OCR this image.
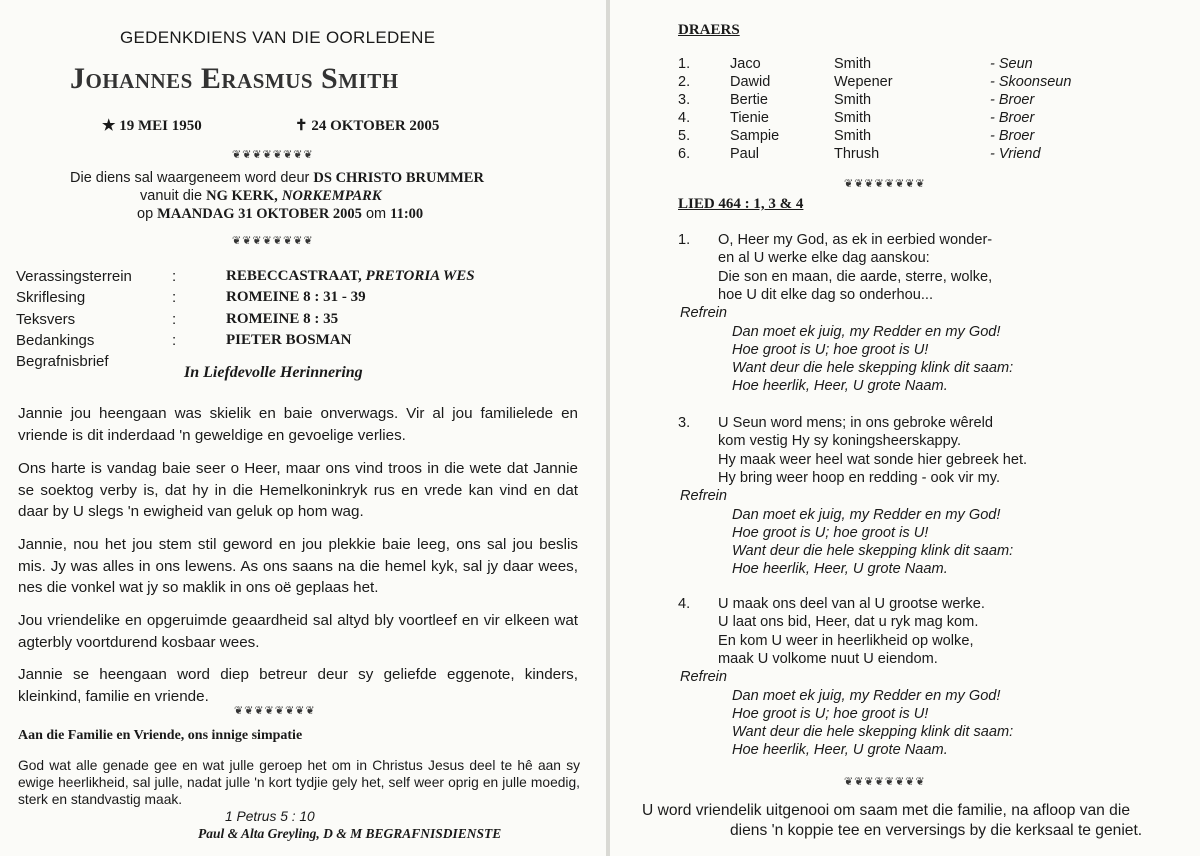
GEDENKDIENS VAN DIE OORLEDENE
Johannes Erasmus Smith
★ 19 MEI 1950	✝ 24 OKTOBER 2005
❦❦❦❦❦❦❦❦
Die diens sal waargeneem word deur DS CHRISTO BRUMMER
vanuit die NG KERK, NORKEMPARK
op MAANDAG 31 OKTOBER 2005 om 11:00
❦❦❦❦❦❦❦❦
Verassingsterrein	:	REBECCASTRAAT, PRETORIA WES
Skriflesing	:	ROMEINE 8 : 31 - 39
Teksvers	:	ROMEINE 8 : 35
Bedankings	:	PIETER BOSMAN
Begrafnisbrief
In Liefdevolle Herinnering
Jannie jou heengaan was skielik en baie onverwags. Vir al jou familielede en vriende is dit inderdaad 'n geweldige en gevoelige verlies.
Ons harte is vandag baie seer o Heer, maar ons vind troos in die wete dat Jannie se soektog verby is, dat hy in die Hemelkoninkryk rus en vrede kan vind en dat daar by U slegs 'n ewigheid van geluk op hom wag.
Jannie, nou het jou stem stil geword en jou plekkie baie leeg, ons sal jou beslis mis. Jy was alles in ons lewens. As ons saans na die hemel kyk, sal jy daar wees, nes die vonkel wat jy so maklik in ons oë geplaas het.
Jou vriendelike en opgeruimde geaardheid sal altyd bly voortleef en vir elkeen wat agterbly voortdurend kosbaar wees.
Jannie se heengaan word diep betreur deur sy geliefde eggenote, kinders, kleinkind, familie en vriende.
❦❦❦❦❦❦❦❦
Aan die Familie en Vriende, ons innige simpatie
God wat alle genade gee en wat julle geroep het om in Christus Jesus deel te hê aan sy ewige heerlikheid, sal julle, nadat julle 'n kort tydjie gely het, self weer oprig en julle moedig, sterk en standvastig maak.
1 Petrus 5 : 10
Paul & Alta Greyling, D & M BEGRAFNISDIENSTE
DRAERS
1.	Jaco	Smith	- Seun
2.	Dawid	Wepener	- Skoonseun
3.	Bertie	Smith	- Broer
4.	Tienie	Smith	- Broer
5.	Sampie	Smith	- Broer
6.	Paul	Thrush	- Vriend
❦❦❦❦❦❦❦❦
LIED 464 : 1, 3 & 4
1. O, Heer my God, as ek in eerbied wonder-
en al U werke elke dag aanskou:
Die son en maan, die aarde, sterre, wolke,
hoe U dit elke dag so onderhou...
Refrein
Dan moet ek juig, my Redder en my God!
Hoe groot is U; hoe groot is U!
Want deur die hele skepping klink dit saam:
Hoe heerlik, Heer, U grote Naam.
3. U Seun word mens; in ons gebroke wêreld
kom vestig Hy sy koningsheerskappy.
Hy maak weer heel wat sonde hier gebreek het.
Hy bring weer hoop en redding - ook vir my.
Refrein
Dan moet ek juig, my Redder en my God!
Hoe groot is U; hoe groot is U!
Want deur die hele skepping klink dit saam:
Hoe heerlik, Heer, U grote Naam.
4. U maak ons deel van al U grootse werke.
U laat ons bid, Heer, dat u ryk mag kom.
En kom U weer in heerlikheid op wolke,
maak U volkome nuut U eiendom.
Refrein
Dan moet ek juig, my Redder en my God!
Hoe groot is U; hoe groot is U!
Want deur die hele skepping klink dit saam:
Hoe heerlik, Heer, U grote Naam.
❦❦❦❦❦❦❦❦
U word vriendelik uitgenooi om saam met die familie, na afloop van die
diens 'n koppie tee en verversings by die kerksaal te geniet.
